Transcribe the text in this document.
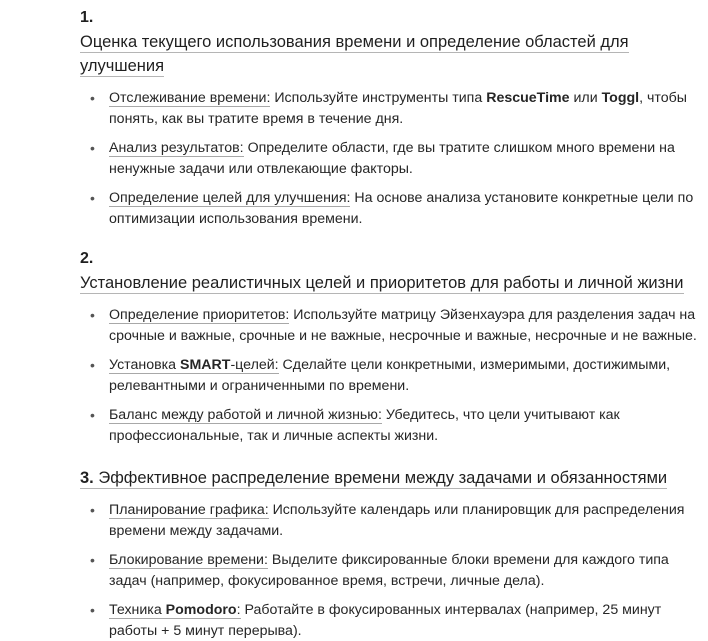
1.
Оценка текущего использования времени и определение областей для
улучшения
• Отслеживание времени: Используйте инструменты типа RescueTime или Toggl, чтобы понять, как вы тратите время в течение дня.
• Анализ результатов: Определите области, где вы тратите слишком много времени на ненужные задачи или отвлекающие факторы.
• Определение целей для улучшения: На основе анализа установите конкретные цели по оптимизации использования времени.
2.
Установление реалистичных целей и приоритетов для работы и личной жизни
• Определение приоритетов: Используйте матрицу Эйзенхауэра для разделения задач на срочные и важные, срочные и не важные, несрочные и важные, несрочные и не важные.
• Установка SMART-целей: Сделайте цели конкретными, измеримыми, достижимыми, релевантными и ограниченными по времени.
• Баланс между работой и личной жизнью: Убедитесь, что цели учитывают как профессиональные, так и личные аспекты жизни.
3. Эффективное распределение времени между задачами и обязанностями
• Планирование графика: Используйте календарь или планировщик для распределения времени между задачами.
• Блокирование времени: Выделите фиксированные блоки времени для каждого типа задач (например, фокусированное время, встречи, личные дела).
• Техника Pomodoro: Работайте в фокусированных интервалах (например, 25 минут работы + 5 минут перерыва).
